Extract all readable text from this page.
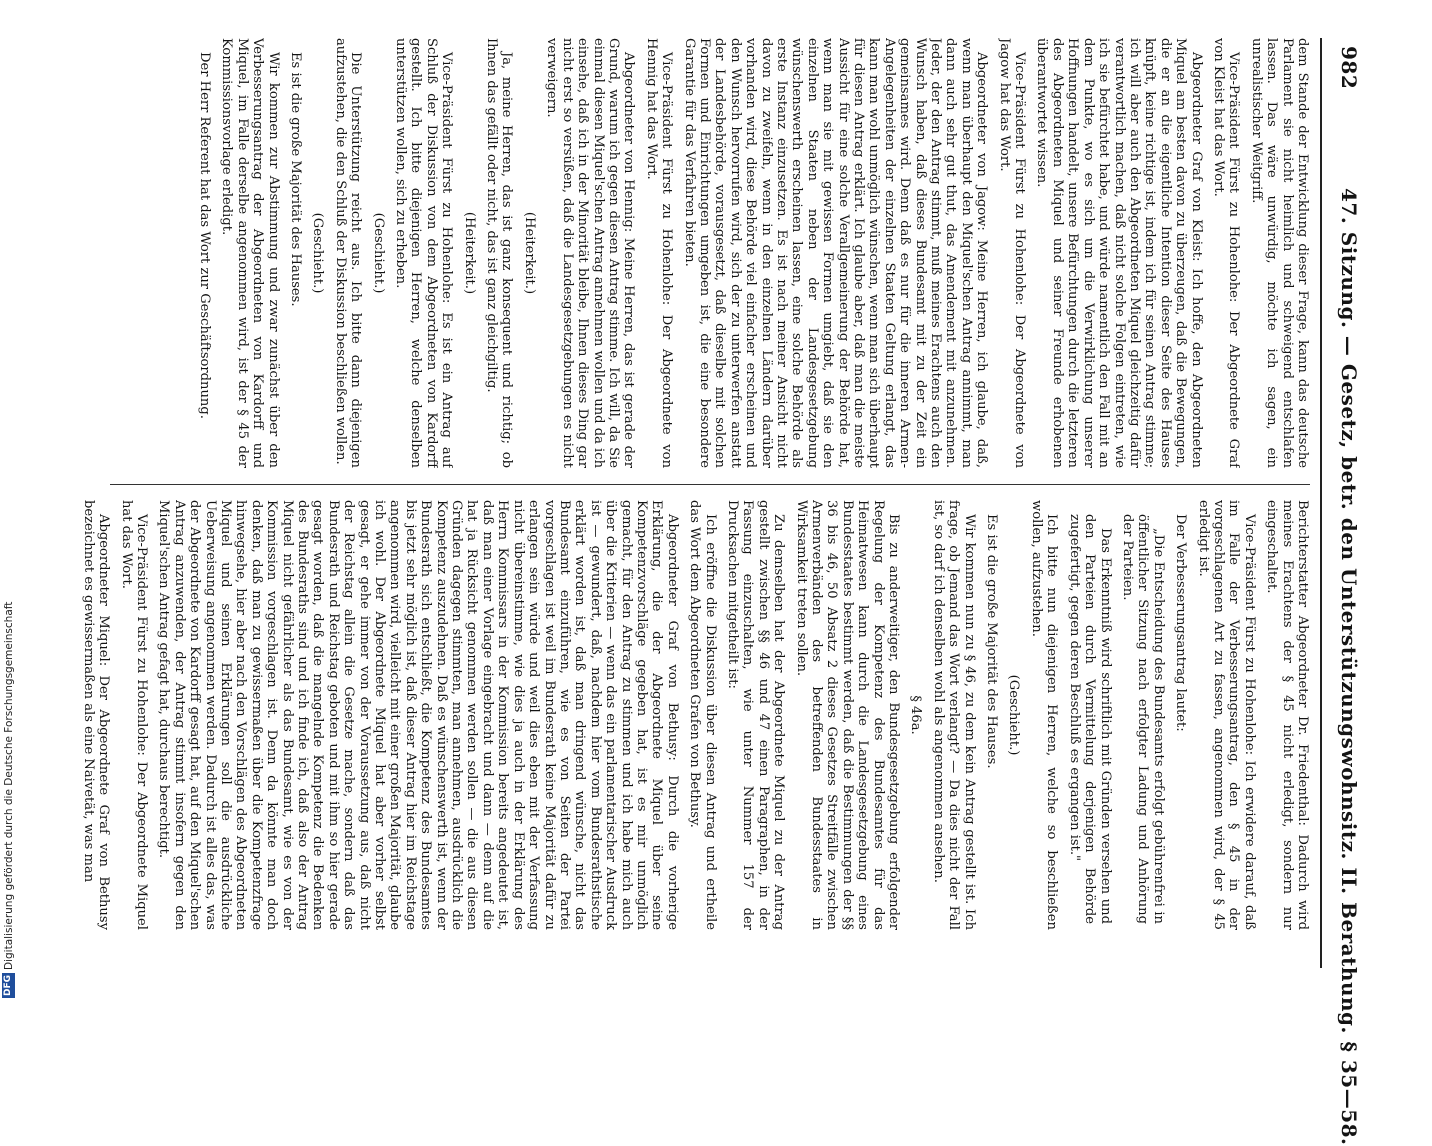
982
47. Sitzung. — Gesetz, betr. den Unterstützungswohnsitz. II. Berathung. § 35—58.

dem Stande der Entwicklung dieser Frage, kann das deutsche Parlament sie nicht heimlich und schweigend entschlafen lassen. Das wäre unwürdig, möchte ich sagen, ein unrealistischer Weitgriff.

Vice-Präsident Fürst zu Hohenlohe: Der Abgeordnete Graf von Kleist hat das Wort.

Abgeordneter Graf von Kleist: Ich hoffe, den Abgeordneten Miquel am besten davon zu überzeugen, daß die Bewegungen, die er an die eigentliche Intention dieser Seite des Hauses knüpft, keine richtige ist, indem ich für seinen Antrag stimme; ich will aber auch den Abgeordneten Miquel gleichzeitig dafür verantwortlich machen, daß nicht solche Folgen eintreten, wie ich sie befürchtet habe, und würde namentlich den Fall mit an dem Punkte, wo es sich um die Verwirklichung unserer Hoffnungen handelt, unsere Befürchtungen durch die letzteren des Abgeordneten Miquel und seiner Freunde erhobenen überantwortet wissen.

Vice-Präsident Fürst zu Hohenlohe: Der Abgeordnete von Jagow hat das Wort.

Abgeordneter von Jagow: Meine Herren, ich glaube, daß, wenn man überhaupt den Miquel'schen Antrag annimmt, man dann auch sehr gut thut, das Amendement mit anzunehmen. Jeder, der den Antrag stimmt, muß meines Erachtens auch den Wunsch haben, daß dieses Bundesamt mit zu der Zeit ein gemeinsames wird. Denn daß es nur für die inneren Armen-Angelegenheiten der einzelnen Staaten Geltung erlangt, das kann man wohl unmöglich wünschen, wenn man sich überhaupt für diesen Antrag erklärt. Ich glaube aber, daß man die meiste Aussicht für eine solche Verallgemeinerung der Behörde hat, wenn man sie mit gewissen Formen umgiebt, daß sie den einzelnen Staaten neben der Landesgesetzgebung wünschenswerth erscheinen lassen, eine solche Behörde als erste Instanz einzusetzen. Es ist nach meiner Ansicht nicht davon zu zweifeln, wenn in den einzelnen Ländern darüber vorhanden wird, diese Behörde viel einfacher erscheinen und den Wunsch hervorrufen wird, sich der zu unterwerfen anstatt der Landesbehörde, vorausgesetzt, daß dieselbe mit solchen Formen und Einrichtungen umgeben ist, die eine besondere Garantie für das Verfahren bieten.

Vice-Präsident Fürst zu Hohenlohe: Der Abgeordnete von Hennig hat das Wort.

Abgeordneter von Hennig: Meine Herren, das ist gerade der Grund, warum ich gegen diesen Antrag stimme. Ich will, da Sie einmal diesen Miquel'schen Antrag annehmen wollen und da ich einsehe, daß ich in der Minorität bleibe, Ihnen dieses Ding gar nicht erst so versüßen, daß die Landesgesetzgebungen es nicht verweigern.

(Heiterkeit.)

Ja, meine Herren, das ist ganz konsequent und richtig; ob Ihnen das gefällt oder nicht, das ist ganz gleichgiltig.

(Heiterkeit.)

Vice-Präsident Fürst zu Hohenlohe: Es ist ein Antrag auf Schluß der Diskussion von dem Abgeordneten von Kardorff gestellt. Ich bitte diejenigen Herren, welche denselben unterstützen wollen, sich zu erheben.

(Geschieht.)

Die Unterstützung reicht aus. Ich bitte dann diejenigen aufzustehen, die den Schluß der Diskussion beschließen wollen.

(Geschieht.)

Es ist die große Majorität des Hauses.

Wir kommen zur Abstimmung und zwar zunächst über den Verbesserungsantrag der Abgeordneten von Kardorff und Miquel, im Falle derselbe angenommen wird, ist der § 45 der Kommissionsvorlage erledigt.

Der Herr Referent hat das Wort zur Geschäftsordnung.

Berichterstatter Abgeordneter Dr. Friedenthal: Dadurch wird meines Erachtens der § 45 nicht erledigt, sondern nur eingeschaltet.

Vice-Präsident Fürst zu Hohenlohe: Ich erwidere darauf, daß im Falle der Verbesserungsantrag, den § 45 in der vorgeschlagenen Art zu fassen, angenommen wird, der § 45 erledigt ist.

Der Verbesserungsantrag lautet:

„Die Entscheidung des Bundesamts erfolgt gebührenfrei in öffentlicher Sitzung nach erfolgter Ladung und Anhörung der Parteien.

Das Erkenntniß wird schriftlich mit Gründen versehen und den Parteien durch Vermittelung derjenigen Behörde zugefertigt, gegen deren Beschluß es ergangen ist."

Ich bitte nun diejenigen Herren, welche so beschließen wollen, aufzustehen.

(Geschieht.)

Es ist die große Majorität des Hauses.

Wir kommen nun zu § 46, zu dem kein Antrag gestellt ist. Ich frage, ob Jemand das Wort verlangt? — Da dies nicht der Fall ist, so darf ich denselben wohl als angenommen ansehen.

§ 46a.

Bis zu anderweitiger, den Bundesgesetzgebung erfolgender Regelung der Kompetenz des Bundesamtes für das Heimatwesen kann durch die Landesgesetzgebung eines Bundesstaates bestimmt werden, daß die Bestimmungen der §§ 36 bis 46, 50 Absatz 2 dieses Gesetzes Streitfälle zwischen Armenverbänden des betreffenden Bundesstaates in Wirksamkeit treten sollen.

Zu demselben hat der Abgeordnete Miquel zu der Antrag gestellt zwischen §§ 46 und 47 einen Paragraphen, in der Fassung einzuschalten, wie unter Nummer 157 der Drucksachen mitgetheilt ist:

Ich eröffne die Diskussion über diesen Antrag und ertheile das Wort dem Abgeordneten Grafen von Bethusy.

Abgeordneter Graf von Bethusy: Durch die vorherige Erklärung, die der Abgeordnete Miquel über seine Kompetenzvorschläge gegeben hat, ist es mir unmöglich gemacht, für den Antrag zu stimmen und ich habe mich auch über die Kriterien — wenn das ein parlamentarischer Ausdruck ist — gewundert, daß, nachdem hier vom Bundesrathstische erklärt worden ist, daß man dringend wünsche, nicht das Bundesamt einzuführen, wie es von Seiten der Partei vorgeschlagen ist weil im Bundesrath keine Majorität dafür zu erlangen sein würde und weil dies eben mit der Verfassung nicht übereinstimme, wie dies ja auch in der Erklärung des Herrn Kommissars in der Kommission bereits angedeutet ist, daß man einer Vorlage eingebracht und dann — denn auf die hat ja Rücksicht genommen werden sollen — die aus diesen Gründen dagegen stimmten, man annehmen, ausdrücklich die Kompetenz auszudehnen. Daß es wünschenswerth ist, wenn der Bundesrath sich entschließt, die Kompetenz des Bundesamtes bis jetzt sehr möglich ist, daß dieser Antrag hier im Reichstage angenommen wird, vielleicht mit einer großen Majorität, glaube ich wohl. Der Abgeordnete Miquel hat aber vorher selbst gesagt, er gehe immer von der Voraussetzung aus, daß nicht der Reichstag allein die Gesetze mache, sondern daß das Bundesrath und Reichstag geboten und mit ihm so hier gerade gesagt worden, daß die mangelnde Kompetenz die Bedenken des Bundesraths sind und ich finde ich, daß also der Antrag Miquel nicht gefährlicher als das Bundesamt, wie es von der Kommission vorgeschlagen ist. Denn da könnte man doch denken, daß man zu gewissermaßen über die Kompetenzfrage hinwegsehe, hier aber nach den Vorschlägen des Abgeordneten Miquel und seinen Erklärungen soll die ausdrückliche Ueberweisung angenommen werden. Dadurch ist alles das, was der Abgeordnete von Kardorff gesagt hat, auf den Miquel'schen Antrag anzuwenden, der Antrag stimmt insofern gegen den Miquel'schen Antrag gefagt hat, durchaus berechtigt.

Vice-Präsident Fürst zu Hohenlohe: Der Abgeordnete Miquel hat das Wort.

Abgeordneter Miquel: Der Abgeordnete Graf von Bethusy bezeichnet es gewissermaßen als eine Naivetät, was man

Digitalisierung gefördert durch die Deutsche Forschungsgemeinschaft
DFG
